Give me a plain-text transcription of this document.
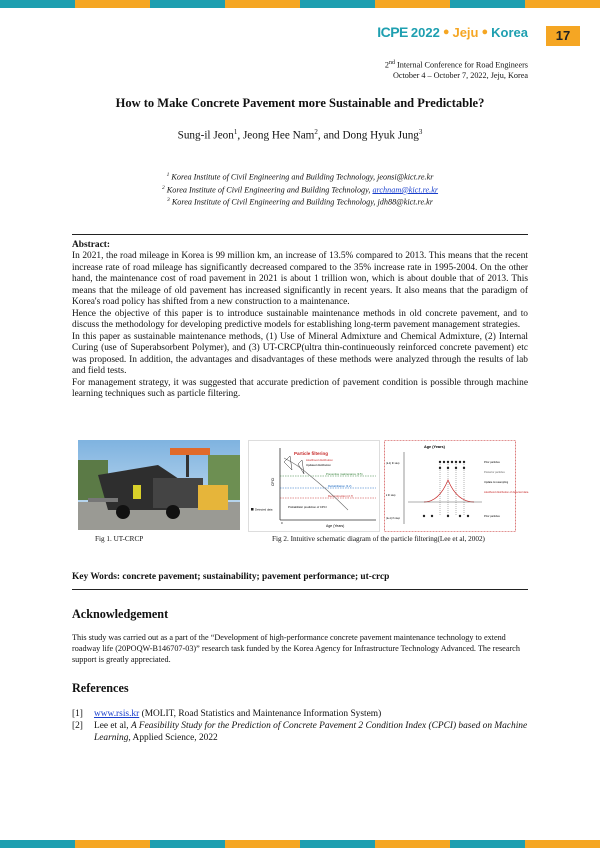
ICPE 2022 ● Jeju ● Korea	17
2nd Internal Conference for Road Engineers
October 4 – October 7, 2022, Jeju, Korea
How to Make Concrete Pavement more Sustainable and Predictable?
Sung-il Jeon$^1$, Jeong Hee Nam$^2$, and Dong Hyuk Jung$^3$
$^1$ Korea Institute of Civil Engineering and Building Technology, jeonsi@kict.re.kr
$^2$ Korea Institute of Civil Engineering and Building Technology, archnam@kict.re.kr
$^3$ Korea Institute of Civil Engineering and Building Technology, jdh88@kict.re.kr
Abstract:

In 2021, the road mileage in Korea is 99 million km, an increase of 13.5% compared to 2013. This means that the recent increase rate of road mileage has significantly decreased compared to the 35% increase rate in 1995-2004. On the other hand, the maintenance cost of road pavement in 2021 is about 1 trillion won, which is about double that of 2013. This means that the mileage of old pavement has increased significantly in recent years. It also means that the paradigm of Korea's road policy has shifted from a new construction to a maintenance.

Hence the objective of this paper is to introduce sustainable maintenance methods in old concrete pavement, and to discuss the methodology for developing predictive models for establishing long-term pavement management strategies.

In this paper as sustainable maintenance methods, (1) Use of Mineral Admixture and Chemical Admixture, (2) Internal Curing (use of Superabsorbent Polymer), and (3) UT-CRCP(ultra thin-continueously reinforced concrete pavement) etc was proposed. In addition, the advantages and disadvantages of these methods were analyzed through the results of lab and field tests.

For management strategy, it was suggested that accurate prediction of pavement condition is possible through machine learning techniques such as particle filtering.

CPCI
Age (Years)
0
Particle filtering
Preventive maintenance (3.5)
Rehabilitation (3.2)
Reconstruction (2.7)
Likelihood distribution
Updated distribution
Probabilistic prediction of CPCI
Detected data
Age (Years)
(k-1) th step
k th step
(k+1) th step
Prior particles
Posterior particles
Update & resampling
Likelihood distribution of detected data
Prior particles
Fig 1. UT-CRCP	Fig 2. Intuitive schematic diagram of the particle filtering(Lee et al, 2002)
Key Words: concrete pavement; sustainability; pavement performance; ut-crcp
Acknowledgement
This study was carried out as a part of the “Development of high-performance concrete pavement maintenance technology to extend roadway life (20POQW-B146707-03)” research task funded by the Korea Agency for Infrastructure Technology Advanced. The research support is greatly appreciated.
References
[1]	www.rsis.kr (MOLIT, Road Statistics and Maintenance Information System)
[2]	Lee et al, A Feasibility Study for the Prediction of Concrete Pavement 2 Condition Index (CPCI) based on Machine Learning, Applied Science, 2022
